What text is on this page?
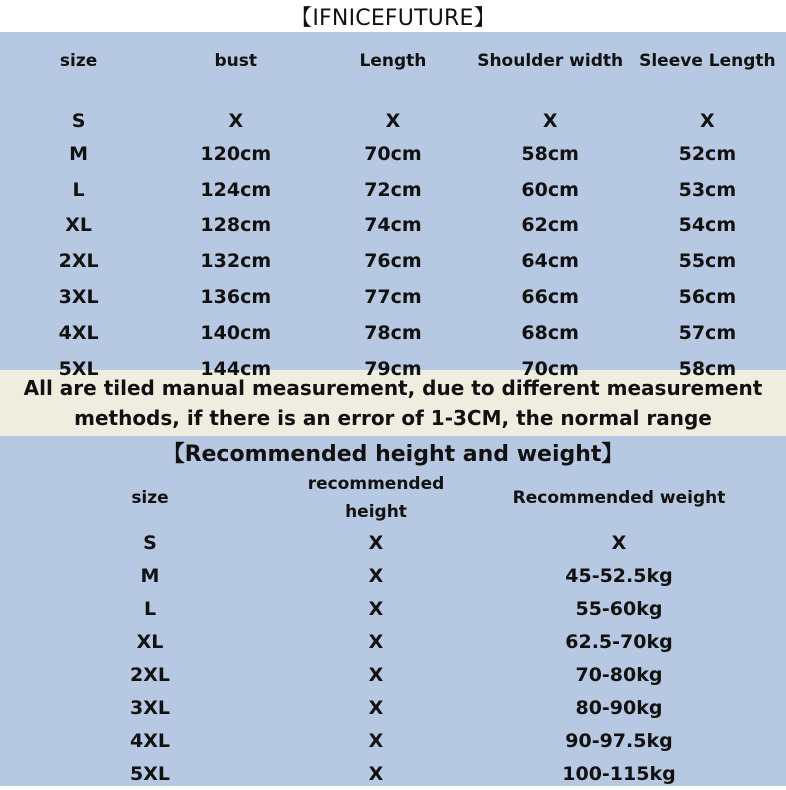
【IFNICEFUTURE】
All are tiled manual measurement, due to different measurement
methods, if there is an error of 1-3CM, the normal range
size	bust	Length	Shoulder width	Sleeve Length
S	X	X	X	X
M	120cm	70cm	58cm	52cm
L	124cm	72cm	60cm	53cm
XL	128cm	74cm	62cm	54cm
2XL	132cm	76cm	64cm	55cm
3XL	136cm	77cm	66cm	56cm
4XL	140cm	78cm	68cm	57cm
5XL	144cm	79cm	70cm	58cm
【Recommended height and weight】
size	recommended height	Recommended weight
S	X	X
M	X	45-52.5kg
L	X	55-60kg
XL	X	62.5-70kg
2XL	X	70-80kg
3XL	X	80-90kg
4XL	X	90-97.5kg
5XL	X	100-115kg
